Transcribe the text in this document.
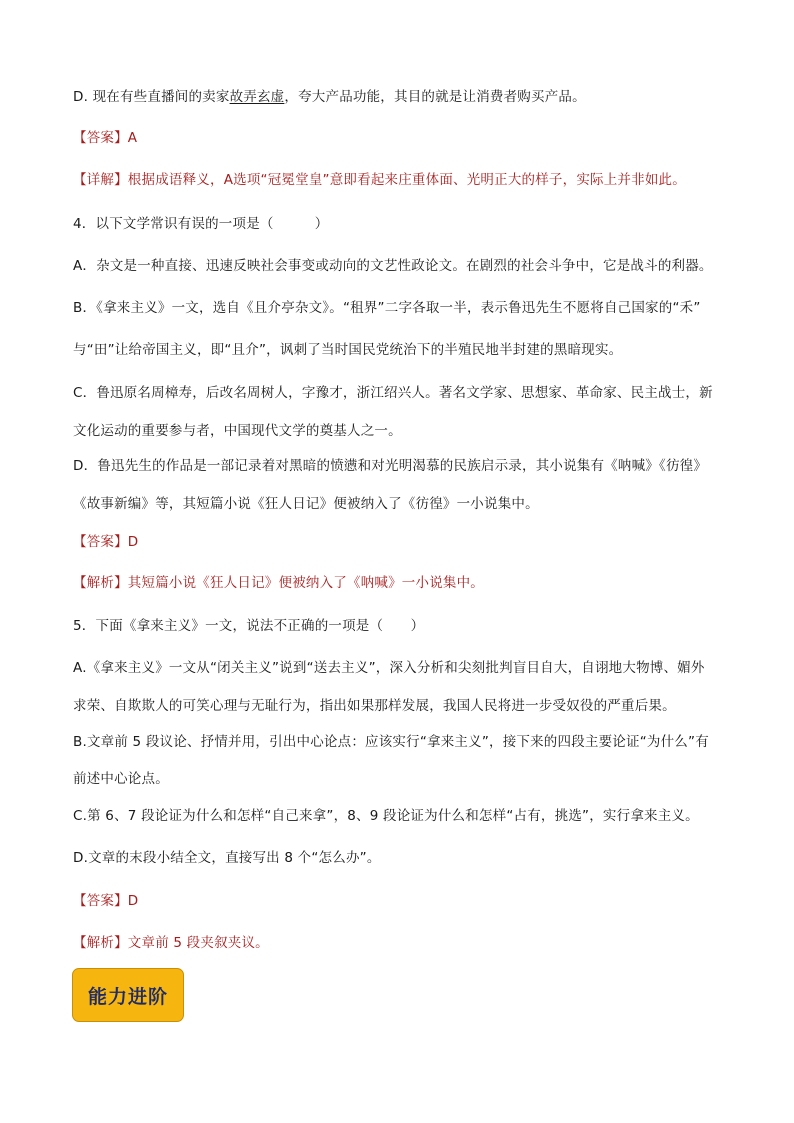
D. 现在有些直播间的卖家故弄玄虚，夸大产品功能，其目的就是让消费者购买产品。
【答案】A
【详解】根据成语释义，A选项“冠冕堂皇”意即看起来庄重体面、光明正大的样子，实际上并非如此。
4．以下文学常识有误的一项是（　　　）
A．杂文是一种直接、迅速反映社会事变或动向的文艺性政论文。在剧烈的社会斗争中，它是战斗的利器。
B．《拿来主义》一文，选自《且介亭杂文》。“租界”二字各取一半，表示鲁迅先生不愿将自己国家的“禾”
与“田”让给帝国主义，即“且介”，讽刺了当时国民党统治下的半殖民地半封建的黑暗现实。
C．鲁迅原名周樟寿，后改名周树人，字豫才，浙江绍兴人。著名文学家、思想家、革命家、民主战士，新
文化运动的重要参与者，中国现代文学的奠基人之一。
D．鲁迅先生的作品是一部记录着对黑暗的愤懑和对光明渴慕的民族启示录，其小说集有《呐喊》《彷徨》
《故事新编》等，其短篇小说《狂人日记》便被纳入了《彷徨》一小说集中。
【答案】D
【解析】其短篇小说《狂人日记》便被纳入了《呐喊》一小说集中。
5．下面《拿来主义》一文，说法不正确的一项是（　　）
A.《拿来主义》一文从“闭关主义”说到“送去主义”，深入分析和尖刻批判盲目自大，自诩地大物博、媚外
求荣、自欺欺人的可笑心理与无耻行为，指出如果那样发展，我国人民将进一步受奴役的严重后果。
B.文章前 5 段议论、抒情并用，引出中心论点：应该实行“拿来主义”，接下来的四段主要论证“为什么”有
前述中心论点。
C.第 6、7 段论证为什么和怎样“自己来拿”，8、9 段论证为什么和怎样“占有，挑选”，实行拿来主义。
D.文章的末段小结全文，直接写出 8 个“怎么办”。
【答案】D
【解析】文章前 5 段夹叙夹议。
能力进阶
